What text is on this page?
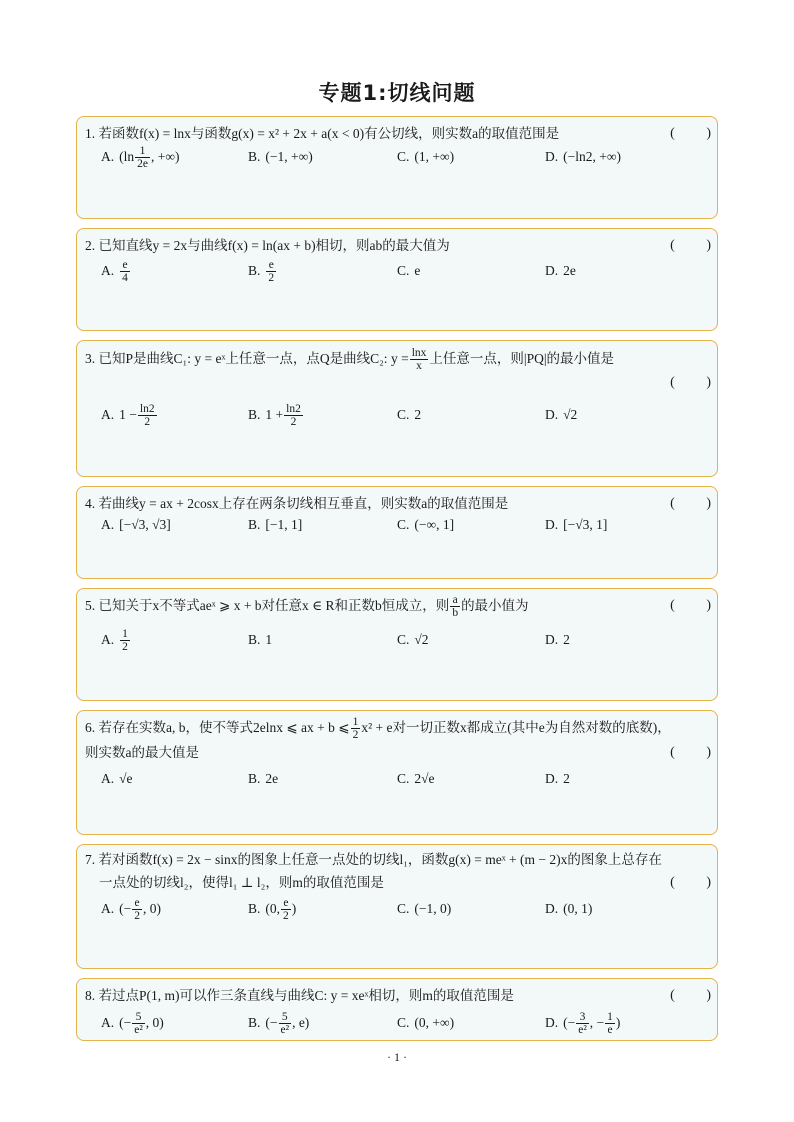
专题1:切线问题
1. 若函数f(x) = lnx与函数g(x) = x² + 2x + a(x < 0)有公切线，则实数a的取值范围是	(         )
A. ($\ln \frac{1}{2e}$ , +∞)	B. (−1, +∞)	C. (1, +∞)	D. (−ln2, +∞)
2. 已知直线y = 2x与曲线f(x) = ln(ax + b)相切，则ab的最大值为	(         )
A. $\frac{e}{4}$	B. $\frac{e}{2}$	C. e	D. 2e
3. 已知P是曲线C₁: y = eˣ上任意一点，点Q是曲线C₂: $y = \frac{\ln x}{x}$ 上任意一点，则|PQ|的最小值是
(         )
A. $1 - \frac{\ln 2}{2}$	B. $1 + \frac{\ln 2}{2}$	C. 2	D. √2
4. 若曲线y = ax + 2cosx上存在两条切线相互垂直，则实数a的取值范围是	(         )
A. [−√3, √3]	B. [−1, 1]	C. (−∞, 1]	D. [−√3, 1]
5. 已知关于x不等式aeˣ ⩾ x + b对任意x ∈ R和正数b恒成立，则 $\frac{a}{b}$ 的最小值为	(         )
A. $\frac{1}{2}$	B. 1	C. √2	D. 2
6. 若存在实数a, b，使不等式2elnx ⩽ ax + b ⩽ $\frac{1}{2} x^2 + e$对一切正数x都成立(其中e为自然对数的底数)，
则实数a的最大值是	(         )
A. √e	B. 2e	C. 2√e	D. 2
7. 若对函数f(x) = 2x − sinx的图象上任意一点处的切线l₁，函数g(x) = meˣ + (m − 2)x的图象上总存在
一点处的切线l₂，使得l₁ ⊥ l₂，则m的取值范围是	(         )
A. (− $\frac{e}{2}$ , 0)	B. (0, $\frac{e}{2}$ )	C. (−1, 0)	D. (0, 1)
8. 若过点P(1, m)可以作三条直线与曲线C: y = xeˣ相切，则m的取值范围是	(         )
A. (− $\frac{5}{\text{e²}}$ , 0)	B. (− $\frac{5}{\text{e²}}$ , e)	C. (0, +∞)	D. (− $\frac{3}{\text{e²}}$ , − $\frac{1}{e}$ )
· 1 ·
